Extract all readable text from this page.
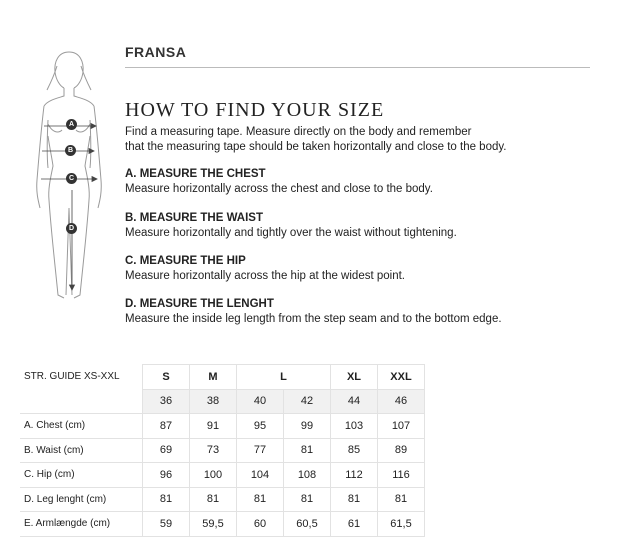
FRANSA
A
B
C
D
HOW TO FIND YOUR SIZE
Find a measuring tape. Measure directly on the body and remember
that the measuring tape should be taken horizontally and close to the body.
A. MEASURE THE CHEST
Measure horizontally across the chest and close to the body.
B. MEASURE THE WAIST
Measure horizontally and tightly over the waist without tightening.
C. MEASURE THE HIP
Measure horizontally across the hip at the widest point.
D. MEASURE THE LENGHT
Measure the inside leg length from the step seam and to the bottom edge.
STR. GUIDE XS-XXL	S	M	L		XL	XXL
	36	38	40	42	44	46
A. Chest (cm)	87	91	95	99	103	107
B. Waist (cm)	69	73	77	81	85	89
C. Hip (cm)	96	100	104	108	112	116
D. Leg lenght (cm)	81	81	81	81	81	81
E. Armlængde (cm)	59	59,5	60	60,5	61	61,5
